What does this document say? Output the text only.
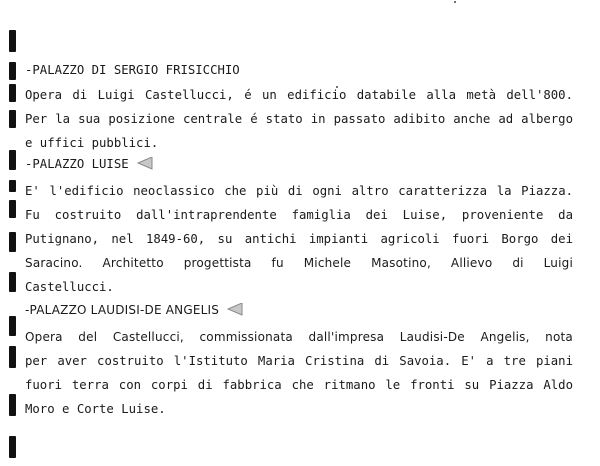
-PALAZZO DI SERGIO FRISICCHIO
Opera di Luigi Castellucci, é un edificio databile alla metà dell'800.
Per la sua posizione centrale é stato in passato adibito anche ad albergo
e uffici pubblici.
-PALAZZO LUISE
E' l'edificio neoclassico che più di ogni altro caratterizza la Piazza.
Fu costruito dall'intraprendente famiglia dei Luise, proveniente da
Putignano, nel 1849-60, su antichi impianti agricoli fuori Borgo dei
Saracino. Architetto progettista fu Michele Masotino, Allievo di Luigi
Castellucci.
-PALAZZO LAUDISI-DE ANGELIS
Opera del Castellucci, commissionata dall'impresa Laudisi-De Angelis, nota
per aver costruito l'Istituto Maria Cristina di Savoia. E' a tre piani
fuori terra con corpi di fabbrica che ritmano le fronti su Piazza Aldo
Moro e Corte Luise.
